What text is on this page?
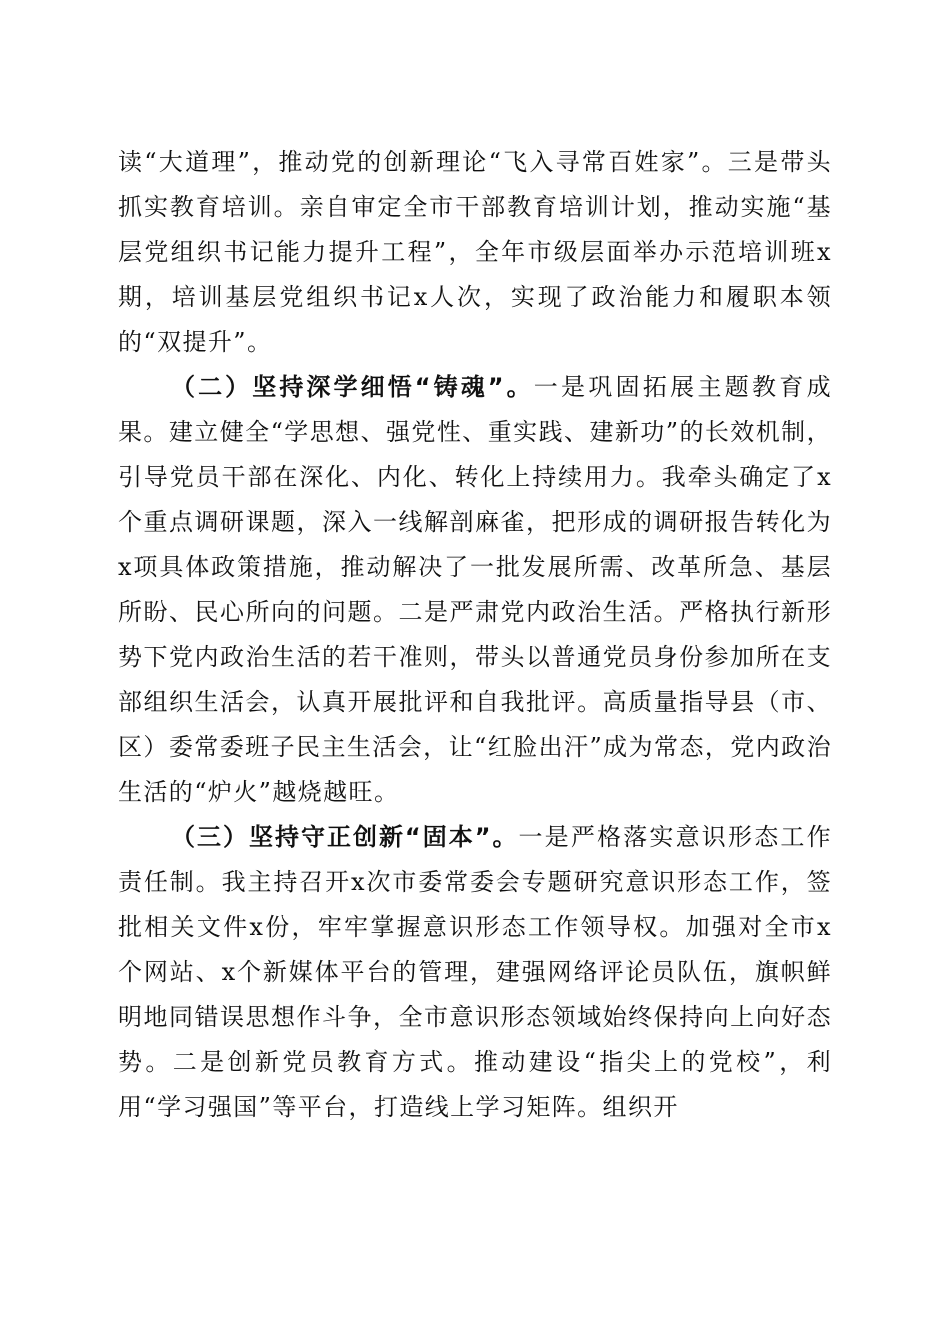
读“大道理”，推动党的创新理论“飞入寻常百姓家”。三是带头抓实教育培训。亲自审定全市干部教育培训计划，推动实施“基层党组织书记能力提升工程”，全年市级层面举办示范培训班x期，培训基层党组织书记x人次，实现了政治能力和履职本领的“双提升”。

（二）坚持深学细悟“铸魂”。一是巩固拓展主题教育成果。建立健全“学思想、强党性、重实践、建新功”的长效机制，引导党员干部在深化、内化、转化上持续用力。我牵头确定了x个重点调研课题，深入一线解剖麻雀，把形成的调研报告转化为x项具体政策措施，推动解决了一批发展所需、改革所急、基层所盼、民心所向的问题。二是严肃党内政治生活。严格执行新形势下党内政治生活的若干准则，带头以普通党员身份参加所在支部组织生活会，认真开展批评和自我批评。高质量指导县（市、区）委常委班子民主生活会，让“红脸出汗”成为常态，党内政治生活的“炉火”越烧越旺。

（三）坚持守正创新“固本”。一是严格落实意识形态工作责任制。我主持召开x次市委常委会专题研究意识形态工作，签批相关文件x份，牢牢掌握意识形态工作领导权。加强对全市x个网站、x个新媒体平台的管理，建强网络评论员队伍，旗帜鲜明地同错误思想作斗争，全市意识形态领域始终保持向上向好态势。二是创新党员教育方式。推动建设“指尖上的党校”，利用“学习强国”等平台，打造线上学习矩阵。组织开
